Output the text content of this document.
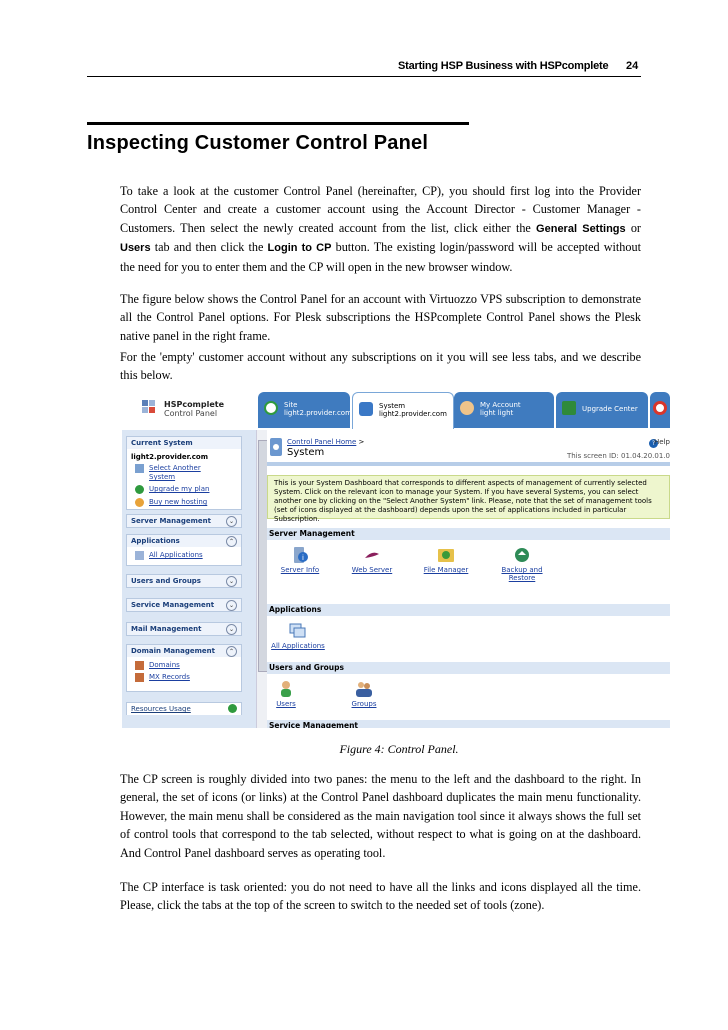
Starting HSP Business with HSPcomplete 24
Inspecting Customer Control Panel

To take a look at the customer Control Panel (hereinafter, CP), you should first log into the Provider Control Center and create a customer account using the Account Director - Customer Manager - Customers. Then select the newly created account from the list, click either the General Settings or Users tab and then click the Login to CP button. The existing login/password will be accepted without the need for you to enter them and the CP will open in the new browser window.

The figure below shows the Control Panel for an account with Virtuozzo VPS subscription to demonstrate all the Control Panel options. For Plesk subscriptions the HSPcomplete Control Panel shows the Plesk native panel in the right frame.

For the 'empty' customer account without any subscriptions on it you will see less tabs, and we describe this below.

HSPcomplete
Control Panel
Site
light2.provider.com
System
light2.provider.com
My Account
light light	Upgrade Center
Current System
light2.provider.com
Select Another
System
Upgrade my plan
Buy new hosting
Server Management	⌄
Applications	⌃
All Applications
Users and Groups	⌄
Service Management	⌄
Mail Management	⌄
Domain Management	⌃
Domains
MX Records
Resources Usage
Control Panel Home >
System
?
Help
This screen ID: 01.04.20.01.0
This is your System Dashboard that corresponds to different aspects of management of currently selected System. Click on the relevant icon to manage your System. If you have several Systems, you can select another one by clicking on the "Select Another System" link. Please, note that the set of management tools (set of icons displayed at the dashboard) depends upon the set of applications included in particular Subscription.
Server Management
i
Server Info	Web Server	File Manager	Backup and
Restore
Applications
All Applications
Users and Groups
Users	Groups
Service Management

Figure 4: Control Panel.

The CP screen is roughly divided into two panes: the menu to the left and the dashboard to the right. In general, the set of icons (or links) at the Control Panel dashboard duplicates the main menu functionality. However, the main menu shall be considered as the main navigation tool since it always shows the full set of control tools that correspond to the tab selected, without respect to what is going on at the dashboard. And Control Panel dashboard serves as operating tool.

The CP interface is task oriented: you do not need to have all the links and icons displayed all the time. Please, click the tabs at the top of the screen to switch to the needed set of tools (zone).
